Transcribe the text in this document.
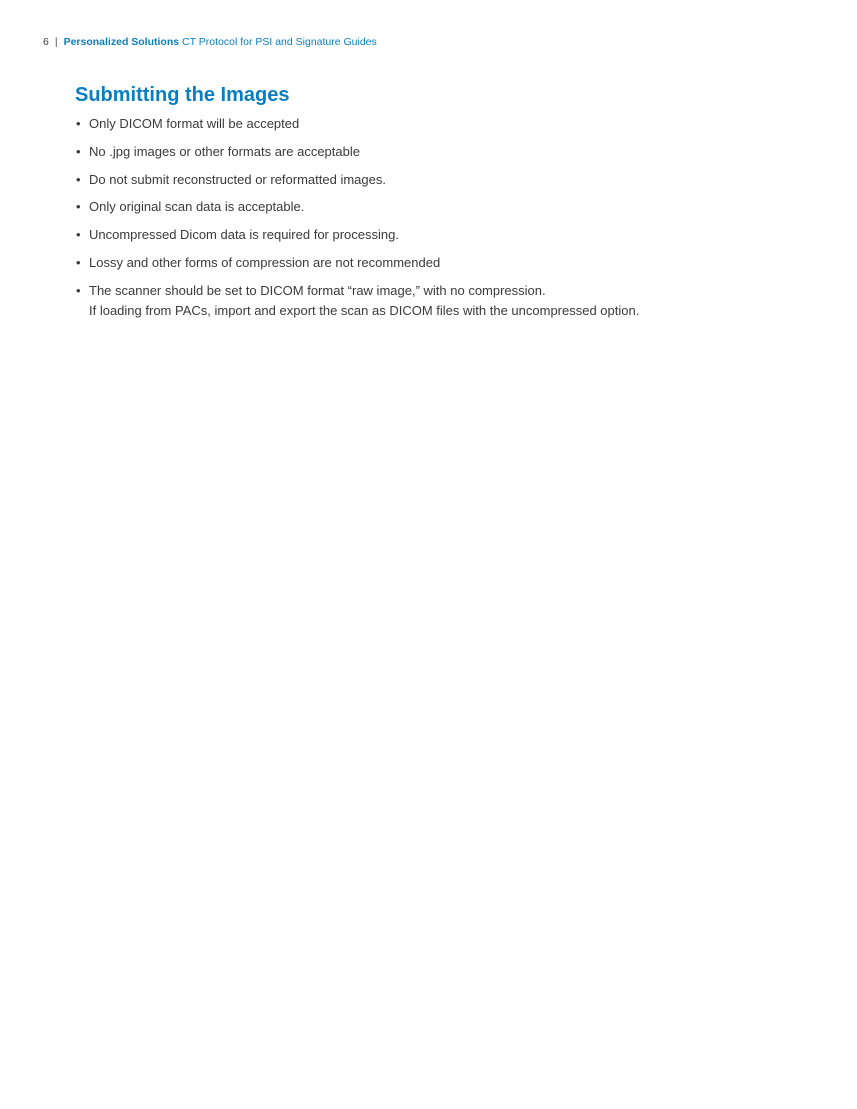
6 | Personalized Solutions CT Protocol for PSI and Signature Guides
Submitting the Images
• Only DICOM format will be accepted
• No .jpg images or other formats are acceptable
• Do not submit reconstructed or reformatted images.
• Only original scan data is acceptable.
• Uncompressed Dicom data is required for processing.
• Lossy and other forms of compression are not recommended
• The scanner should be set to DICOM format “raw image,” with no compression.
If loading from PACs, import and export the scan as DICOM files with the uncompressed option.
